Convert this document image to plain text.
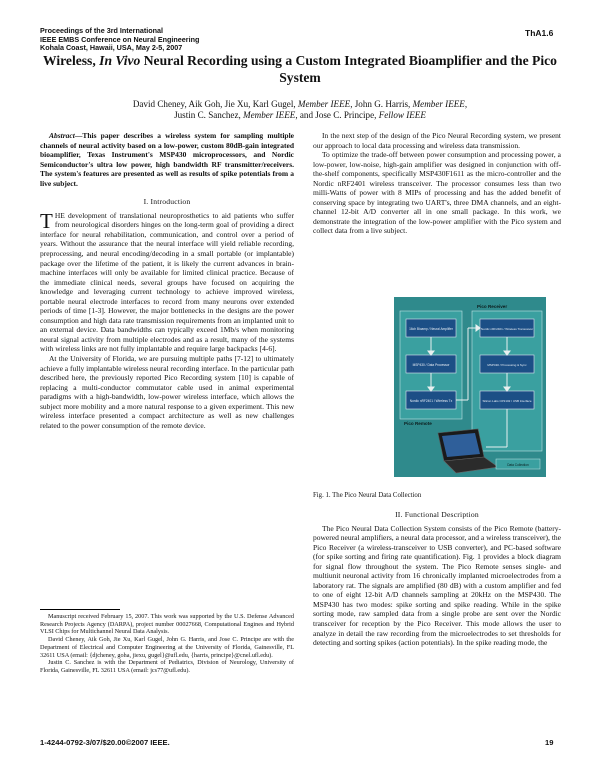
Proceedings of the 3rd International
IEEE EMBS Conference on Neural Engineering
Kohala Coast, Hawaii, USA, May 2-5, 2007
ThA1.6
Wireless, In Vivo Neural Recording using a Custom Integrated Bioamplifier and the Pico System
David Cheney, Aik Goh, Jie Xu, Karl Gugel, Member IEEE, John G. Harris, Member IEEE,
Justin C. Sanchez, Member IEEE, and Jose C. Principe, Fellow IEEE

Abstract—This paper describes a wireless system for sampling multiple channels of neural activity based on a low-power, custom 80dB-gain integrated bioamplifier, Texas Instrument's MSP430 microprocessors, and Nordic Semiconductor's ultra low power, high bandwidth RF transmitter/receivers. The system's features are presented as well as results of spike potentials from a live subject.

I. Introduction

THE development of translational neuroprosthetics to aid patients who suffer from neurological disorders hinges on the long-term goal of providing a direct interface for neural rehabilitation, communication, and control over a period of years. Without the assurance that the neural interface will yield reliable recording, preprocessing, and neural encoding/decoding in a small portable (or implantable) package over the lifetime of the patient, it is likely the current advances in brain-machine interfaces will only be available for limited clinical practice. Because of the immediate clinical needs, several groups have focused on acquiring the knowledge and leveraging current technology to achieve improved wireless, portable neural electrode interfaces to record from many neurons over extended periods of time [1-3]. However, the major bottlenecks in the designs are the power consumption and high data rate transmission requirements from an implanted unit to an external device. Data bandwidths can typically exceed 1Mb/s when monitoring neural signal activity from multiple electrodes and as a result, many of the systems with wireless links are not fully implantable and require large backpacks [4-6].

At the University of Florida, we are pursuing multiple paths [7-12] to ultimately achieve a fully implantable wireless neural recording interface. In the particular path described here, the previously reported Pico Recording system [10] is capable of replacing a multi-conductor commutator cable used in animal experimental paradigms with a high-bandwidth, low-power wireless interface, which allows the subject more mobility and a more natural response to a given experiment. This new wireless interface presented a compact architecture as well as new challenges related to the power consumption of the remote device.

Manuscript received February 15, 2007. This work was supported by the U.S. Defense Advanced Research Projects Agency (DARPA), project number 00027668, Computational Engines and Hybrid VLSI Chips for Multichannel Neural Data Analysis.

David Cheney, Aik Goh, Jie Xu, Karl Gugel, John G. Harris, and Jose C. Principe are with the Department of Electrical and Computer Engineering at the University of Florida, Gainesville, FL 32611 USA (email: {djcheney, goha, jiexu, gugel}@ufl.edu, {harris, principe}@cnel.ufl.edu).

Justin C. Sanchez is with the Department of Pediatrics, Division of Neurology, University of Florida, Gainesville, FL 32611 USA (email: jcs77@ufl.edu).

In the next step of the design of the Pico Neural Recording system, we present our approach to local data processing and wireless data transmission.

To optimize the trade-off between power consumption and processing power, a low-power, low-noise, high-gain amplifier was designed in conjunction with off-the-shelf components, specifically MSP430F1611 as the micro-controller and the Nordic nRF2401 wireless transceiver. The processor consumes less than two milli-Watts of power with 8 MIPs of processing and has the added benefit of conserving space by integrating two UART's, three DMA channels, and an eight-channel 12-bit A/D converter all in one small package. In this work, we demonstrate the integration of the low-power amplifier with the Pico system and collect data from a live subject.

Pico Receiver
Pico Remote
16ch Bioamp / Neural Amplifier
MSP430 / Data Processor
Nordic nRF2401 / Wireless Tx
Nordic nRF2401 / Wireless Transceiver
MSP430 / Processing & Sync
Silicon Labs CP2102 / USB Interface
Data Collection
Fig. 1. The Pico Neural Data Collection
II. Functional Description

The Pico Neural Data Collection System consists of the Pico Remote (battery-powered neural amplifiers, a neural data processor, and a wireless transceiver), the Pico Receiver (a wireless-transceiver to USB converter), and PC-based software (for spike sorting and firing rate quantification). Fig. 1 provides a block diagram for signal flow throughout the system. The Pico Remote senses single- and multiunit neuronal activity from 16 chronically implanted microelectrodes from a laboratory rat. The signals are amplified (80 dB) with a custom amplifier and fed to one of eight 12-bit A/D channels sampling at 20kHz on the MSP430. The MSP430 has two modes: spike sorting and spike reading. While in the spike sorting mode, raw sampled data from a single probe are sent over the Nordic transceiver for reception by the Pico Receiver. This mode allows the user to analyze in detail the raw recording from the microelectrodes to set thresholds for detecting and sorting spikes (action potentials). In the spike reading mode, the

1-4244-0792-3/07/$20.00©2007 IEEE.	19
